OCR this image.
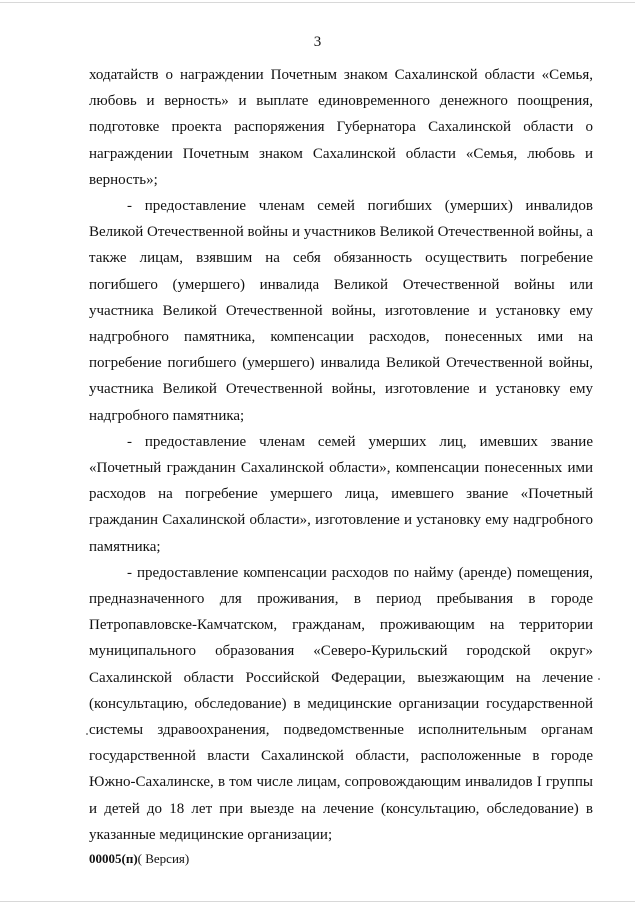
3

ходатайств о награждении Почетным знаком Сахалинской области «Семья, любовь и верность» и выплате единовременного денежного поощрения, подготовке проекта распоряжения Губернатора Сахалинской области о награждении Почетным знаком Сахалинской области «Семья, любовь и верность»;

- предоставление членам семей погибших (умерших) инвалидов Великой Отечественной войны и участников Великой Отечественной войны, а также лицам, взявшим на себя обязанность осуществить погребение погибшего (умершего) инвалида Великой Отечественной войны или участника Великой Отечественной войны, изготовление и установку ему надгробного памятника, компенсации расходов, понесенных ими на погребение погибшего (умершего) инвалида Великой Отечественной войны, участника Великой Отечественной войны, изготовление и установку ему надгробного памятника;

- предоставление членам семей умерших лиц, имевших звание «Почетный гражданин Сахалинской области», компенсации понесенных ими расходов на погребение умершего лица, имевшего звание «Почетный гражданин Сахалинской области», изготовление и установку ему надгробного памятника;

- предоставление компенсации расходов по найму (аренде) помещения, предназначенного для проживания, в период пребывания в городе Петропавловске-Камчатском, гражданам, проживающим на территории муниципального образования «Северо-Курильский городской округ» Сахалинской области Российской Федерации, выезжающим на лечение (консультацию, обследование) в медицинские организации государственной системы здравоохранения, подведомственные исполнительным органам государственной власти Сахалинской области, расположенные в городе Южно-Сахалинске, в том числе лицам, сопровождающим инвалидов I группы и детей до 18 лет при выезде на лечение (консультацию, обследование) в указанные медицинские организации;

00005(п)( Версия)
